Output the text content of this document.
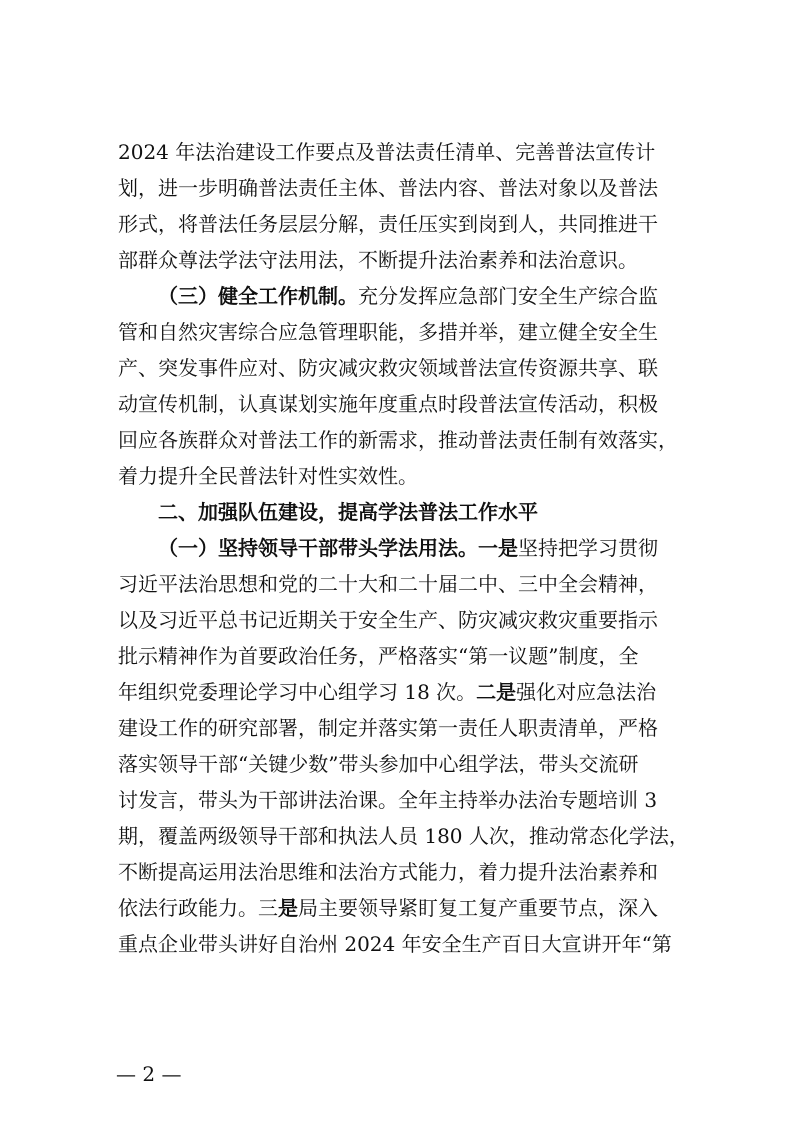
2024 年法治建设工作要点及普法责任清单、完善普法宣传计
划，进一步明确普法责任主体、普法内容、普法对象以及普法
形式，将普法任务层层分解，责任压实到岗到人，共同推进干
部群众尊法学法守法用法，不断提升法治素养和法治意识。
（三）健全工作机制。充分发挥应急部门安全生产综合监
管和自然灾害综合应急管理职能，多措并举，建立健全安全生
产、突发事件应对、防灾减灾救灾领域普法宣传资源共享、联
动宣传机制，认真谋划实施年度重点时段普法宣传活动，积极
回应各族群众对普法工作的新需求，推动普法责任制有效落实，
着力提升全民普法针对性实效性。
二、加强队伍建设，提高学法普法工作水平
（一）坚持领导干部带头学法用法。一是坚持把学习贯彻
习近平法治思想和党的二十大和二十届二中、三中全会精神，
以及习近平总书记近期关于安全生产、防灾减灾救灾重要指示
批示精神作为首要政治任务，严格落实“第一议题”制度，全
年组织党委理论学习中心组学习 18 次。二是强化对应急法治
建设工作的研究部署，制定并落实第一责任人职责清单，严格
落实领导干部“关键少数”带头参加中心组学法，带头交流研
讨发言，带头为干部讲法治课。全年主持举办法治专题培训 3
期，覆盖两级领导干部和执法人员 180 人次，推动常态化学法，
不断提高运用法治思维和法治方式能力，着力提升法治素养和
依法行政能力。三是局主要领导紧盯复工复产重要节点，深入
重点企业带头讲好自治州 2024 年安全生产百日大宣讲开年“第
— 2 —
